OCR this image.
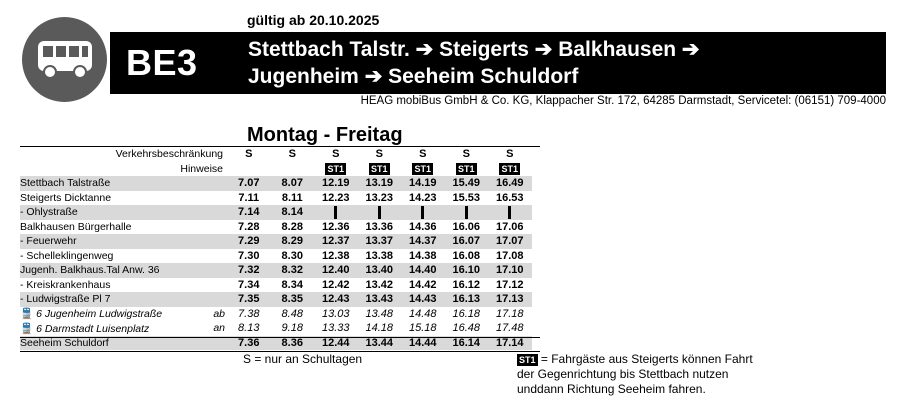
gültig ab 20.10.2025
BE3 Stettbach Talstr. ➔ Steigerts ➔ Balkhausen ➔
Jugenheim ➔ Seeheim Schuldorf
HEAG mobiBus GmbH & Co. KG, Klappacher Str. 172, 64285 Darmstadt, Servicetel: (06151) 709-4000
Montag - Freitag
Verkehrsbeschränkung		S	S	S	S	S	S	S
Hinweise				ST1	ST1	ST1	ST1	ST1
Stettbach Talstraße		7.07	8.07	12.19	13.19	14.19	15.49	16.49
Steigerts Dicktanne		7.11	8.11	12.23	13.23	14.23	15.53	16.53
- Ohlystraße		7.14	8.14					
Balkhausen Bürgerhalle		7.28	8.28	12.36	13.36	14.36	16.06	17.06
- Feuerwehr		7.29	8.29	12.37	13.37	14.37	16.07	17.07
- Schelleklingenweg		7.30	8.30	12.38	13.38	14.38	16.08	17.08
Jugenh. Balkhaus.Tal Anw. 36		7.32	8.32	12.40	13.40	14.40	16.10	17.10
- Kreiskrankenhaus		7.34	8.34	12.42	13.42	14.42	16.12	17.12
- Ludwigstraße Pl 7		7.35	8.35	12.43	13.43	14.43	16.13	17.13
🚆 6 Jugenheim Ludwigstraße	ab	7.38	8.48	13.03	13.48	14.48	16.18	17.18
🚆 6 Darmstadt Luisenplatz	an	8.13	9.18	13.33	14.18	15.18	16.48	17.48
Seeheim Schuldorf		7.36	8.36	12.44	13.44	14.44	16.14	17.14
S = nur an Schultagen	ST1 = Fahrgäste aus Steigerts können Fahrt
der Gegenrichtung bis Stettbach nutzen
unddann Richtung Seeheim fahren.
